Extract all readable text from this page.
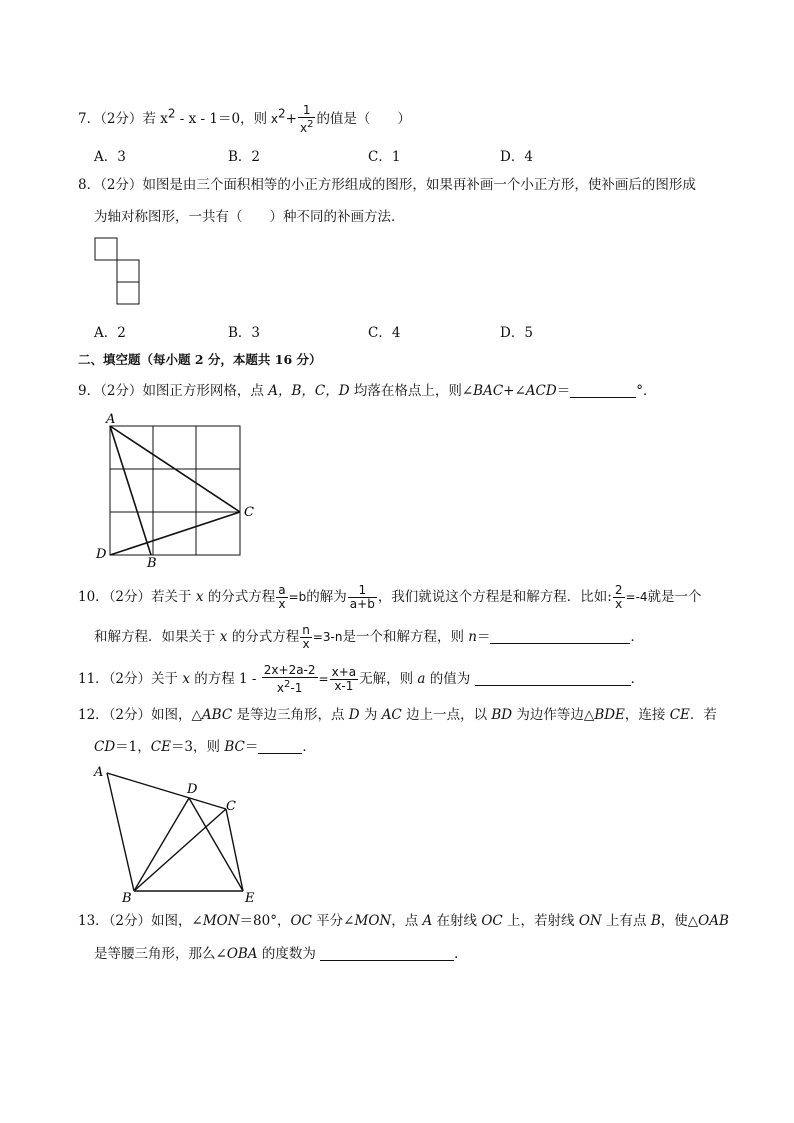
7．（2分）若 $x^2 - x - 1=0$，则 $x^2+ \frac{1}{x^2}$ 的值是（　　）
A．3	B．2	C．1	D．4
8．（2分）如图是由三个面积相等的小正方形组成的图形，如果再补画一个小正方形，使补画后的图形成
为轴对称图形，一共有（　　）种不同的补画方法．
A．2	B．3	C．4	D．5
二、填空题（每小题 2 分，本题共 16 分）
9．（2分）如图正方形网格，点 A，B，C，D 均落在格点上，则∠BAC+∠ACD＝	°．
A
C
D
B
10．（2分）若关于 x 的分式方程 $\frac{a}{x} =b$的解为 $\frac{1}{a+b}$ ，我们就说这个方程是和解方程．比如: $\frac{2}{x} =-4$就是一个
和解方程．如果关于 x 的分式方程 $\frac{n}{x} =3-n$是一个和解方程，则 n＝	．
11．（2分）关于 x 的方程 $1 - \frac{2x+2a-2}{x^2-1} = \frac{x+a}{x-1}$ 无解，则 a 的值为	．
12．（2分）如图，△ABC 是等边三角形，点 D 为 AC 边上一点，以 BD 为边作等边△BDE，连接 CE．若
CD＝1，CE＝3，则 BC＝	．
A
D
C
B	E
13．（2分）如图，∠MON＝80°，OC 平分∠MON，点 A 在射线 OC 上，若射线 ON 上有点 B，使△OAB
是等腰三角形，那么∠OBA 的度数为	．
